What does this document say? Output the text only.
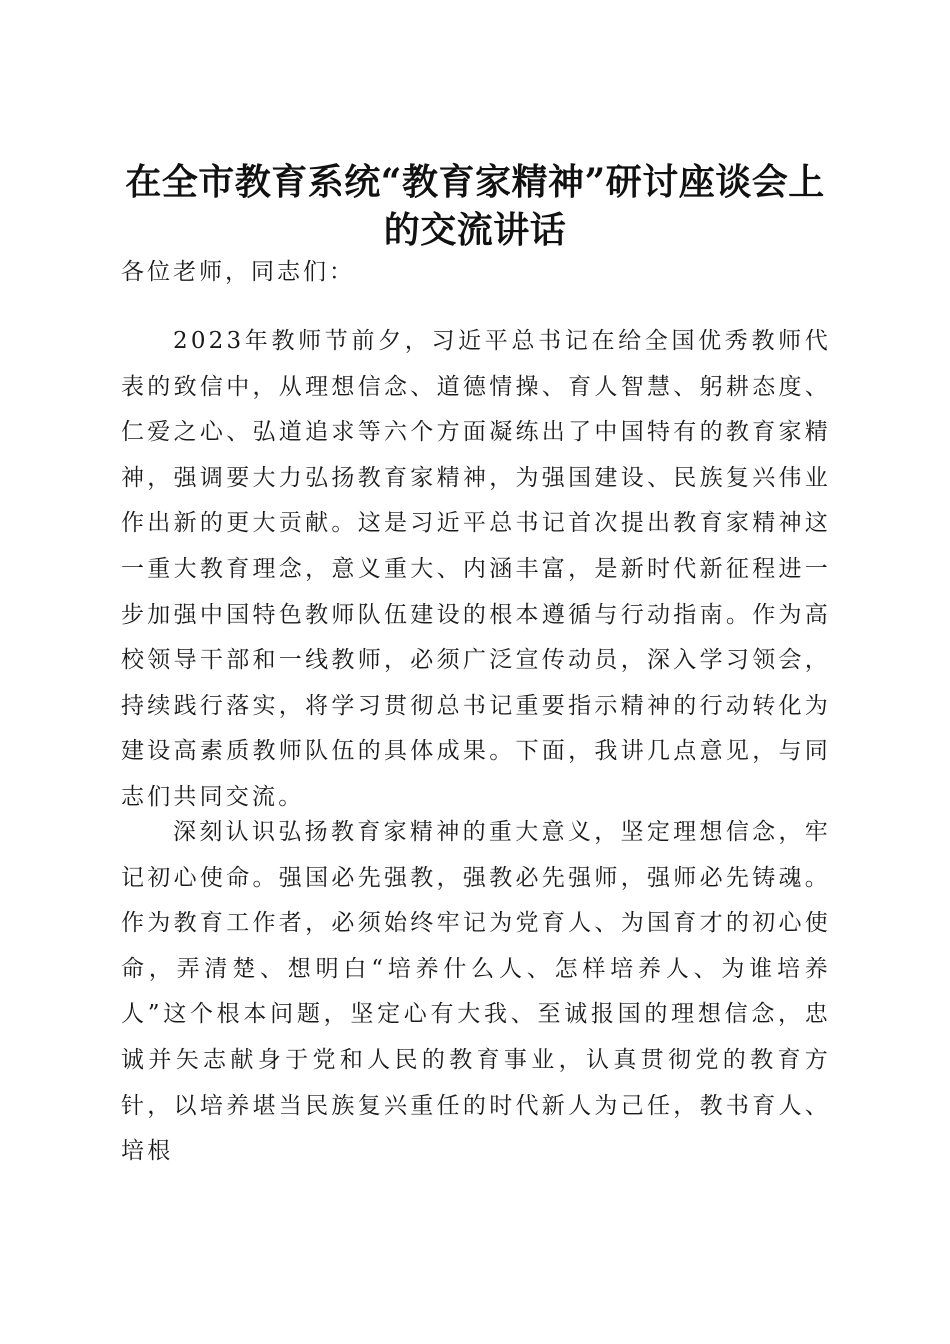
在全市教育系统“教育家精神”研讨座谈会上
的交流讲话
各位老师，同志们：

2023年教师节前夕，习近平总书记在给全国优秀教师代表的致信中，从理想信念、道德情操、育人智慧、躬耕态度、仁爱之心、弘道追求等六个方面凝练出了中国特有的教育家精神，强调要大力弘扬教育家精神，为强国建设、民族复兴伟业作出新的更大贡献。这是习近平总书记首次提出教育家精神这一重大教育理念，意义重大、内涵丰富，是新时代新征程进一步加强中国特色教师队伍建设的根本遵循与行动指南。作为高校领导干部和一线教师，必须广泛宣传动员，深入学习领会，持续践行落实，将学习贯彻总书记重要指示精神的行动转化为建设高素质教师队伍的具体成果。下面，我讲几点意见，与同志们共同交流。

深刻认识弘扬教育家精神的重大意义，坚定理想信念，牢记初心使命。强国必先强教，强教必先强师，强师必先铸魂。作为教育工作者，必须始终牢记为党育人、为国育才的初心使命，弄清楚、想明白“培养什么人、怎样培养人、为谁培养人”这个根本问题，坚定心有大我、至诚报国的理想信念，忠诚并矢志献身于党和人民的教育事业，认真贯彻党的教育方针，以培养堪当民族复兴重任的时代新人为己任，教书育人、培根
